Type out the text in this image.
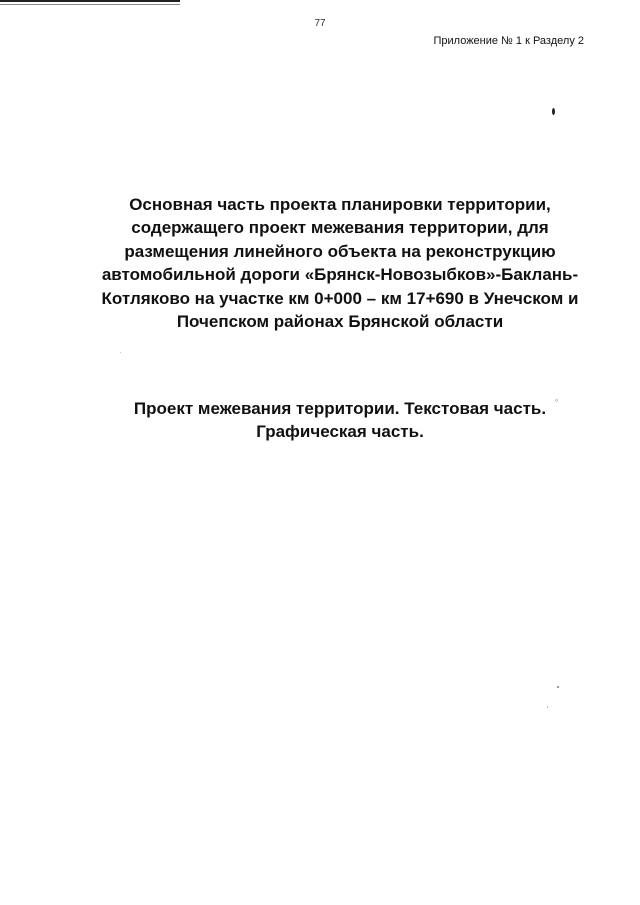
77
Приложение № 1 к Разделу 2
∘
Основная часть проекта планировки территории,
содержащего проект межевания территории, для
размещения линейного объекта на реконструкцию
автомобильной дороги «Брянск-Новозыбков»-Баклань-
Котляково на участке км 0+000 – км 17+690 в Унечском и
Почепском районах Брянской области
Проект межевания территории. Текстовая часть.
Графическая часть.
